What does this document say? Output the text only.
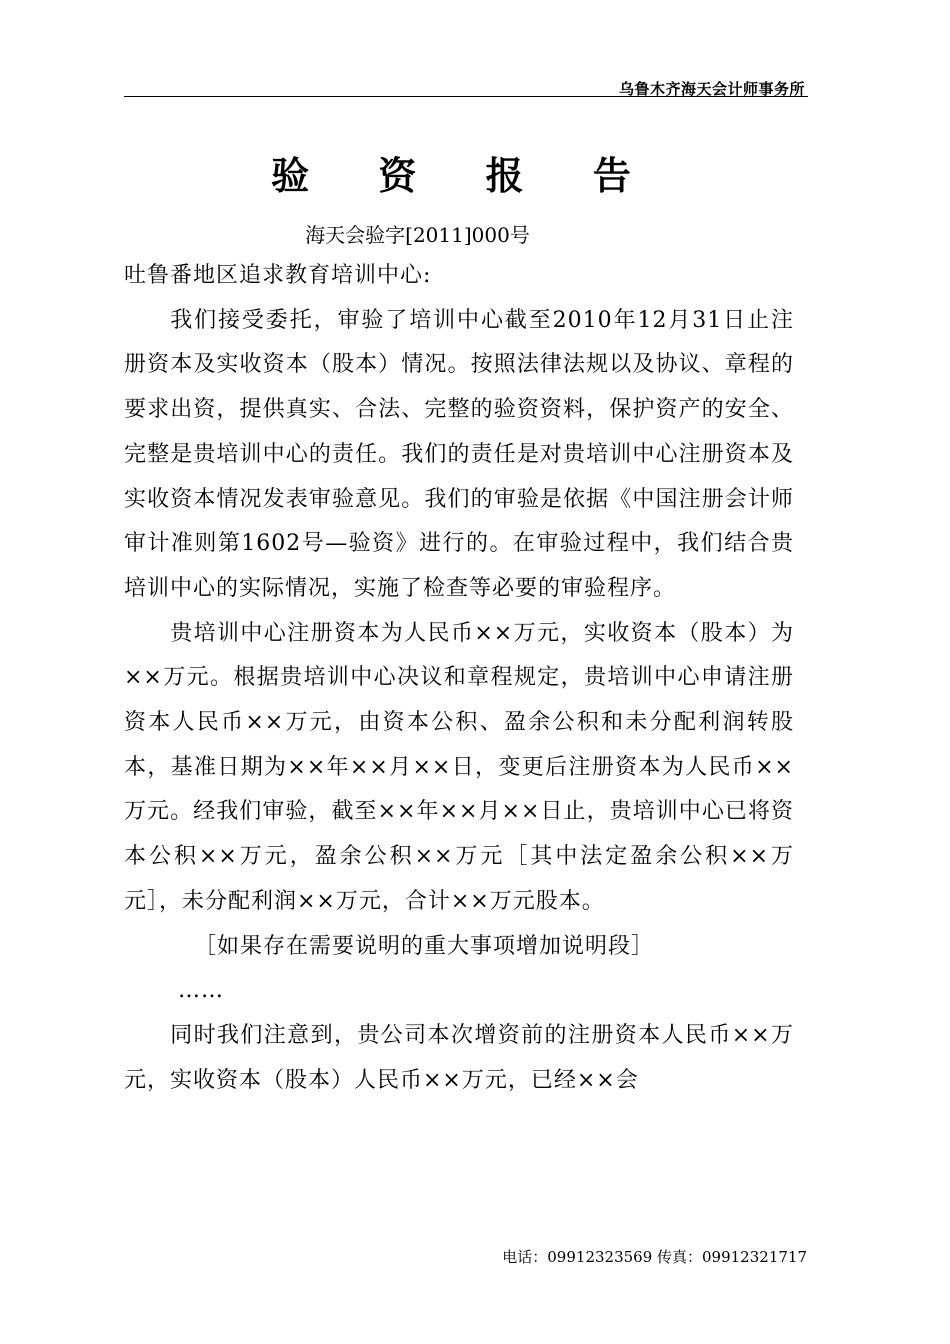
乌鲁木齐海天会计师事务所
验 资 报 告
海天会验字[2011]000号

吐鲁番地区追求教育培训中心:

我们接受委托，审验了培训中心截至2010年12月31日止注册资本及实收资本（股本）情况。按照法律法规以及协议、章程的要求出资，提供真实、合法、完整的验资资料，保护资产的安全、完整是贵培训中心的责任。我们的责任是对贵培训中心注册资本及实收资本情况发表审验意见。我们的审验是依据《中国注册会计师审计准则第1602号—验资》进行的。在审验过程中，我们结合贵培训中心的实际情况，实施了检查等必要的审验程序。

贵培训中心注册资本为人民币××万元，实收资本（股本）为××万元。根据贵培训中心决议和章程规定，贵培训中心申请注册资本人民币××万元，由资本公积、盈余公积和未分配利润转股本，基准日期为××年××月××日，变更后注册资本为人民币××万元。经我们审验，截至××年××月××日止，贵培训中心已将资本公积××万元，盈余公积××万元［其中法定盈余公积××万元］，未分配利润××万元，合计××万元股本。

［如果存在需要说明的重大事项增加说明段］

……

同时我们注意到，贵公司本次增资前的注册资本人民币××万元，实收资本（股本）人民币××万元，已经××会

电话：09912323569 传真：09912321717
